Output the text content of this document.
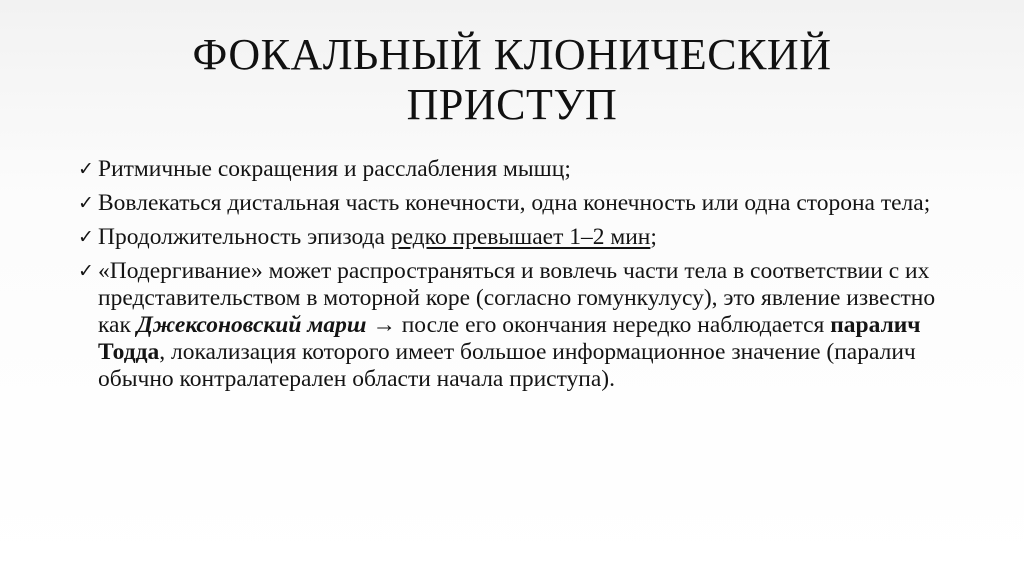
ФОКАЛЬНЫЙ КЛОНИЧЕСКИЙ
ПРИСТУП
✓ Ритмичные сокращения и расслабления мышц;
✓ Вовлекаться дистальная часть конечности, одна конечность или одна сторона тела;
✓ Продолжительность эпизода редко превышает 1–2 мин;
✓ «Подергивание» может распространяться и вовлечь части тела в соответствии с их представительством в моторной коре (согласно гомункулусу), это явление известно как Джексоновский марш → после его окончания нередко наблюдается паралич Тодда, локализация которого имеет большое информационное значение (паралич обычно контралатерален области начала приступа).
